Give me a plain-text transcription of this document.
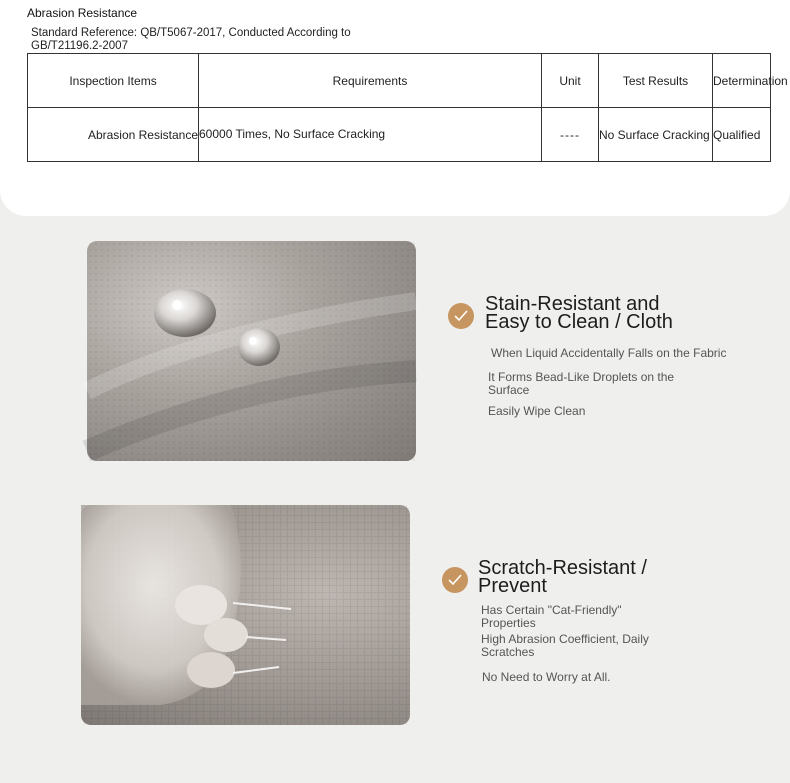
Abrasion Resistance
Standard Reference: QB/T5067-2017, Conducted According to GB/T21196.2-2007
Inspection Items	Requirements	Unit	Test Results	Determination
Abrasion Resistance	60000 Times, No Surface Cracking	----	No Surface Cracking	Qualified
Stain-Resistant and
Easy to Clean / Cloth
When Liquid Accidentally Falls on the Fabric
It Forms Bead-Like Droplets on the
Surface
Easily Wipe Clean
Scratch-Resistant /
Prevent
Has Certain "Cat-Friendly"
Properties
High Abrasion Coefficient, Daily
Scratches
No Need to Worry at All.
